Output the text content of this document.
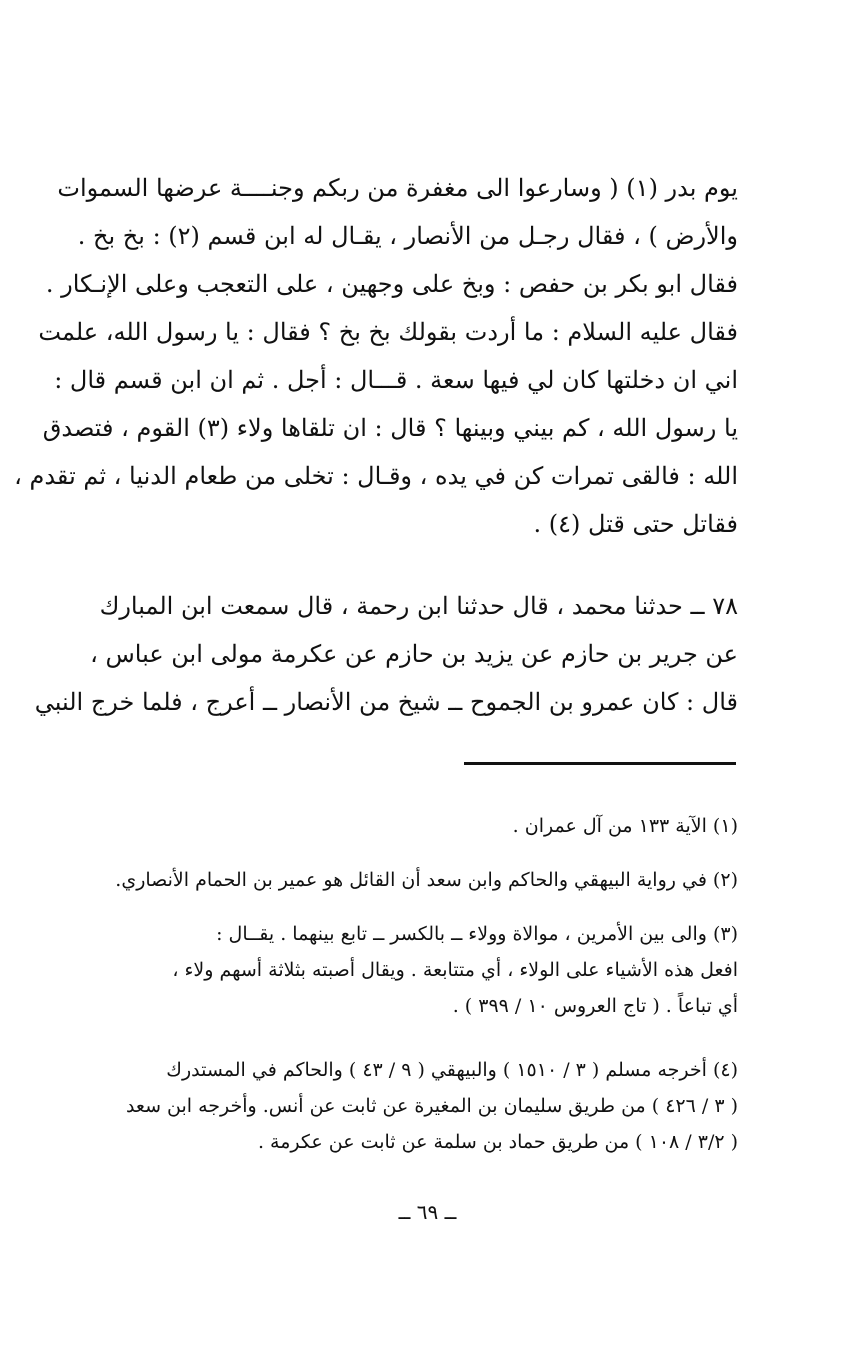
يوم بدر (١) ( وسارعوا الى مغفرة من ربكم وجنــــة عرضها السموات
والأرض ) ، فقال رجـل من الأنصار ، يقـال له ابن قسم (٢) : بخ بخ .
فقال ابو بكر بن حفص : وبخ على وجهين ، على التعجب وعلى الإنـكار .
فقال عليه السلام : ما أردت بقولك بخ بخ ؟ فقال : يا رسول الله، علمت
اني ان دخلتها كان لي فيها سعة . قـــال : أجل . ثم ان ابن قسم قال :
يا رسول الله ، كم بيني وبينها ؟ قال : ان تلقاها ولاء (٣) القوم ، فتصدق
الله : فالقى تمرات كن في يده ، وقـال : تخلى من طعام الدنيا ، ثم تقدم ،
فقاتل حتى قتل (٤) .
٧٨ ــ حدثنا محمد ، قال حدثنا ابن رحمة ، قال سمعت ابن المبارك
عن جرير بن حازم عن يزيد بن حازم عن عكرمة مولى ابن عباس ،
قال : كان عمرو بن الجموح ــ شيخ من الأنصار ــ أعرج ، فلما خرج النبي
(١) الآية ١٣٣ من آل عمران .
(٢) في رواية البيهقي والحاكم وابن سعد أن القائل هو عمير بن الحمام الأنصاري.
(٣) والى بين الأمرين ، موالاة وولاء ــ بالكسر ــ تابع بينهما . يقــال :
افعل هذه الأشياء على الولاء ، أي متتابعة . ويقال أصبته بثلاثة أسهم ولاء ،
أي تباعاً . ( تاج العروس ١٠ / ٣٩٩ ) .
(٤) أخرجه مسلم ( ٣ / ١٥١٠ ) والبيهقي ( ٩ / ٤٣ ) والحاكم في المستدرك
( ٣ / ٤٢٦ ) من طريق سليمان بن المغيرة عن ثابت عن أنس. وأخرجه ابن سعد
( ٣/٢ / ١٠٨ ) من طريق حماد بن سلمة عن ثابت عن عكرمة .
ــ ٦٩ ــ
